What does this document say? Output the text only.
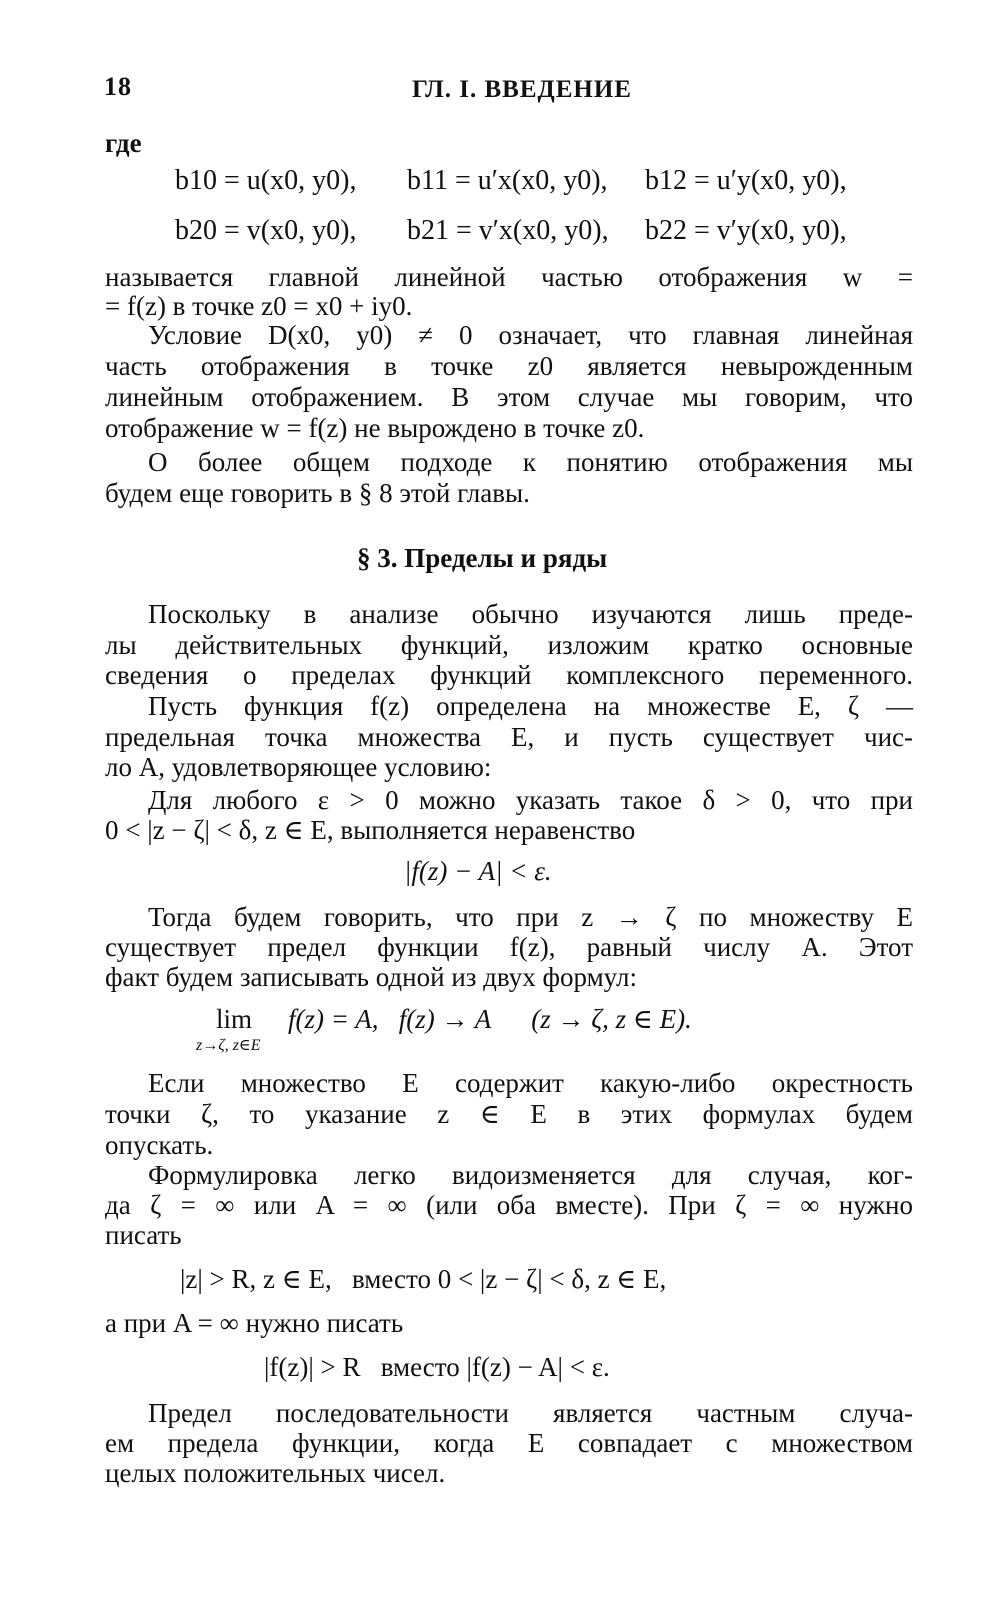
18	ГЛ. I. ВВЕДЕНИЕ
где
b10 = u(x0, y0), b11 = u′x(x0, y0), b12 = u′y(x0, y0),
b20 = v(x0, y0), b21 = v′x(x0, y0), b22 = v′y(x0, y0),
называется главной линейной частью отображения w =
= f(z) в точке z0 = x0 + iy0.
Условие D(x0, y0) ≠ 0 означает, что главная линейная
часть отображения в точке z0 является невырожденным
линейным отображением. В этом случае мы говорим, что
отображение w = f(z) не вырождено в точке z0.
О более общем подходе к понятию отображения мы
будем еще говорить в § 8 этой главы.
§ 3. Пределы и ряды
Поскольку в анализе обычно изучаются лишь преде-
лы действительных функций, изложим кратко основные
сведения о пределах функций комплексного переменного.
Пусть функция f(z) определена на множестве E, ζ —
предельная точка множества E, и пусть существует чис-
ло A, удовлетворяющее условию:
Для любого ε > 0 можно указать такое δ > 0, что при
0 < |z − ζ| < δ, z ∈ E, выполняется неравенство
|f(z) − A| < ε.
Тогда будем говорить, что при z → ζ по множеству E
существует предел функции f(z), равный числу A. Этот
факт будем записывать одной из двух формул:
lim
z→ζ, z∈E
f(z) = A,   f(z) → A      (z → ζ, z ∈ E).
Если множество E содержит какую-либо окрестность
точки ζ, то указание z ∈ E в этих формулах будем
опускать.
Формулировка легко видоизменяется для случая, ког-
да ζ = ∞ или A = ∞ (или оба вместе). При ζ = ∞ нужно
писать
|z| > R, z ∈ E,   вместо 0 < |z − ζ| < δ, z ∈ E,
а при A = ∞ нужно писать
|f(z)| > R   вместо |f(z) − A| < ε.
Предел последовательности является частным случа-
ем предела функции, когда E совпадает с множеством
целых положительных чисел.
